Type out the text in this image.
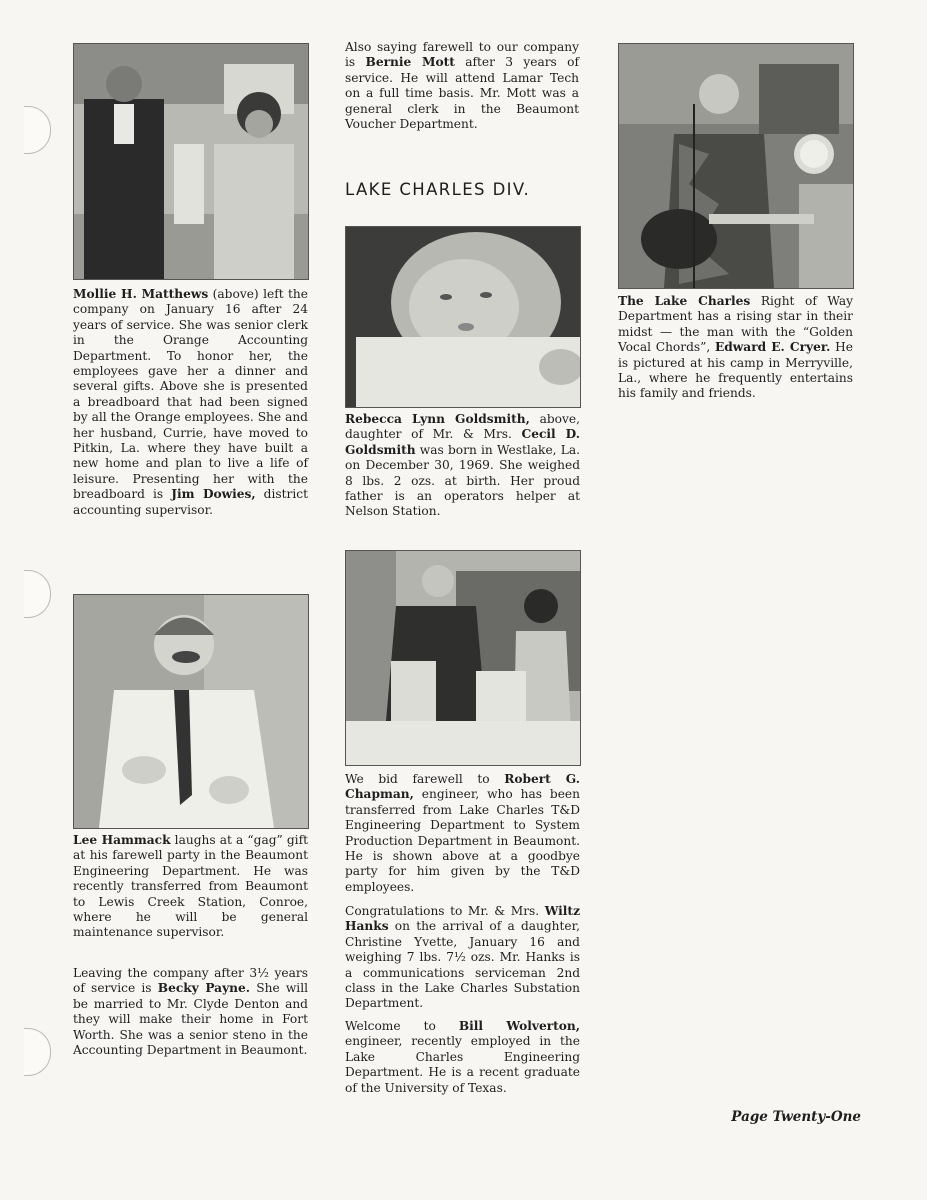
Mollie H. Matthews (above) left the company on January 16 after 24 years of service. She was senior clerk in the Orange Accounting Department. To honor her, the employees gave her a dinner and several gifts. Above she is presented a breadboard that had been signed by all the Orange employees. She and her husband, Currie, have moved to Pitkin, La. where they have built a new home and plan to live a life of leisure. Presenting her with the breadboard is Jim Dowies, district accounting supervisor.
Also saying farewell to our company is Bernie Mott after 3 years of service. He will attend Lamar Tech on a full time basis. Mr. Mott was a general clerk in the Beaumont Voucher Department.
LAKE CHARLES DIV.
Rebecca Lynn Goldsmith, above, daughter of Mr. & Mrs. Cecil D. Goldsmith was born in Westlake, La. on December 30, 1969. She weighed 8 lbs. 2 ozs. at birth. Her proud father is an operators helper at Nelson Station.
The Lake Charles Right of Way Department has a rising star in their midst — the man with the “Golden Vocal Chords”, Edward E. Cryer. He is pictured at his camp in Merryville, La., where he frequently entertains his family and friends.
Lee Hammack laughs at a “gag” gift at his farewell party in the Beaumont Engineering Department. He was recently transferred from Beaumont to Lewis Creek Station, Conroe, where he will be general maintenance supervisor.
Leaving the company after 3½ years of service is Becky Payne. She will be married to Mr. Clyde Denton and they will make their home in Fort Worth. She was a senior steno in the Accounting Department in Beaumont.
We bid farewell to Robert G. Chapman, engineer, who has been transferred from Lake Charles T&D Engineering Department to System Production Department in Beaumont. He is shown above at a goodbye party for him given by the T&D employees.
Congratulations to Mr. & Mrs. Wiltz Hanks on the arrival of a daughter, Christine Yvette, January 16 and weighing 7 lbs. 7½ ozs. Mr. Hanks is a communications serviceman 2nd class in the Lake Charles Substation Department.
Welcome to Bill Wolverton, engineer, recently employed in the Lake Charles Engineering Department. He is a recent graduate of the University of Texas.
Page Twenty-One
